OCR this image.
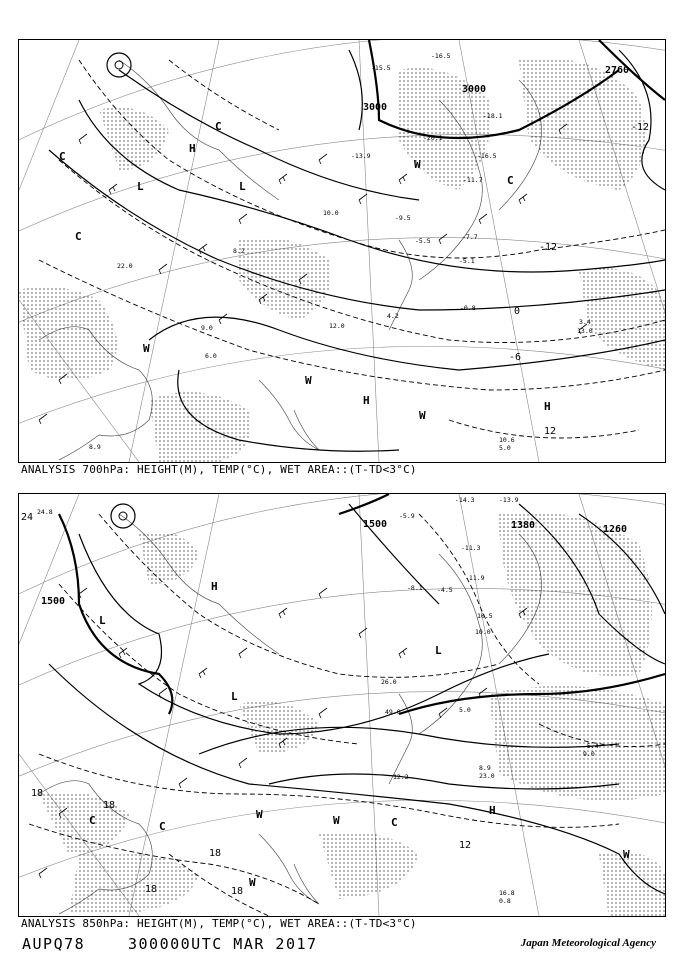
3000
3000
2760
-12
-12
-6
0
12
H
H	H
L	L
W
W
W
W
C
C
C
C
-16.5
-15.5
-13.9
-20.1
-18.1
-16.5
-11.7
-9.5
-5.5	-7.7
-5.1
-0.8
8.2
9.0
10.0
12.0
13.0
4.2
3.4
10.6
5.0
22.0
6.0
8.9
ANALYSIS 700hPa: HEIGHT(M), TEMP(°C), WET AREA::(T-TD<3°C)
1500
1500	1380	1260
12
18
18
18
18	18
24
H
H
L
L
L
W	W
W
W
C
C	C
-14.3	-13.9
-11.3
-11.9
-8.1 -4.5
-5.9
10.5
10.0
12.2
8.9
23.0
16.8
0.8
24.8
-5.4
9.0
5.0
26.0
49.0
ANALYSIS 850hPa: HEIGHT(M), TEMP(°C), WET AREA::(T-TD<3°C)
AUPQ78	300000UTC MAR 2017	Japan Meteorological Agency
